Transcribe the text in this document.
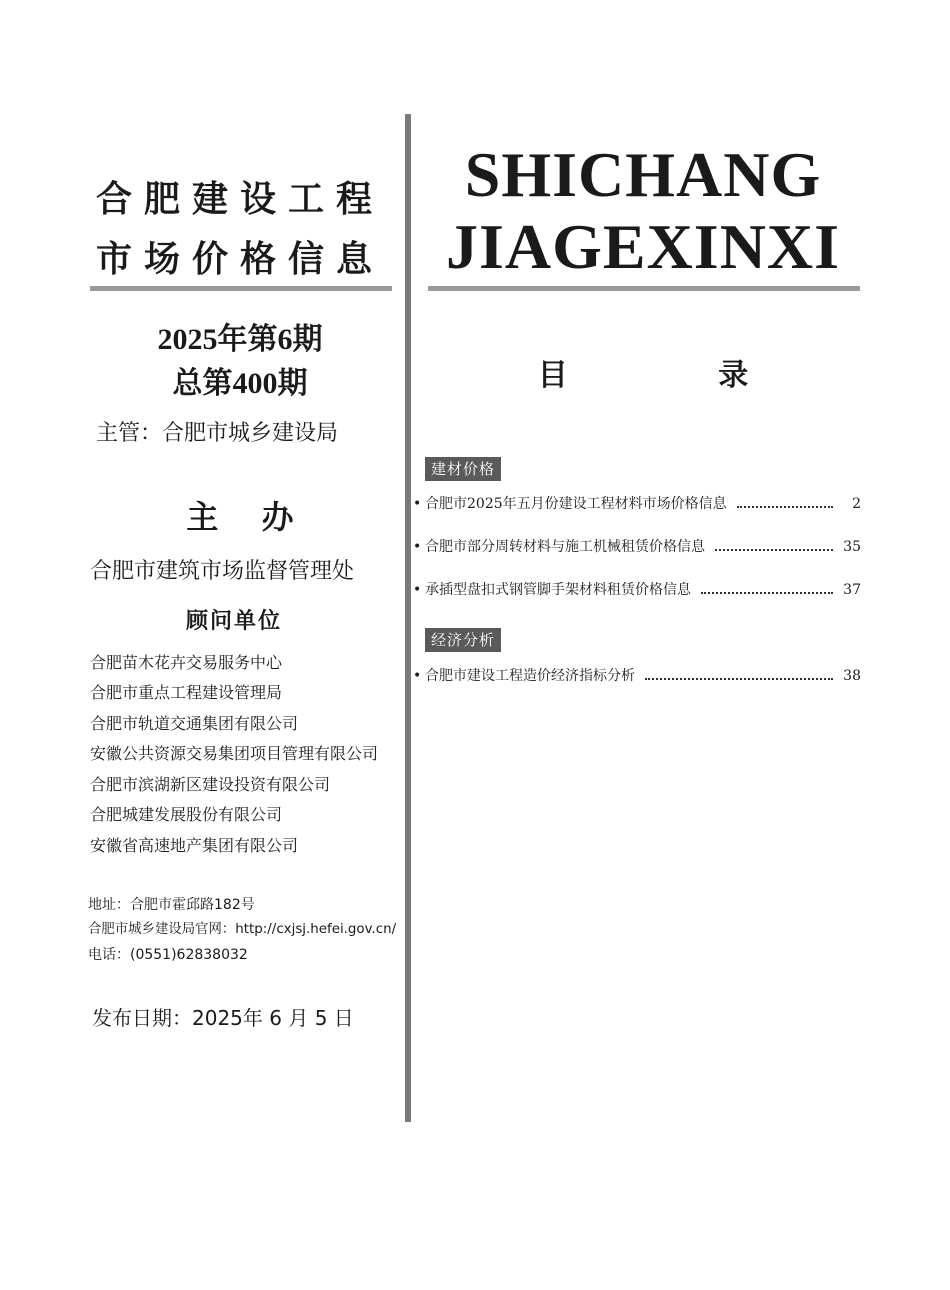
合肥建设工程
市场价格信息
2025年第6期
总第400期
主管：合肥市城乡建设局
主 办
合肥市建筑市场监督管理处
顾问单位
合肥苗木花卉交易服务中心
合肥市重点工程建设管理局
合肥市轨道交通集团有限公司
安徽公共资源交易集团项目管理有限公司
合肥市滨湖新区建设投资有限公司
合肥城建发展股份有限公司
安徽省高速地产集团有限公司
地址：合肥市霍邱路182号
合肥市城乡建设局官网：http://cxjsj.hefei.gov.cn/
电话：(0551)62838032
发布日期：2025年 6 月 5 日
SHICHANG
JIAGEXINXI
目 录
建材价格
• 合肥市2025年五月份建设工程材料市场价格信息	2
• 合肥市部分周转材料与施工机械租赁价格信息	35
• 承插型盘扣式钢管脚手架材料租赁价格信息	37
经济分析
• 合肥市建设工程造价经济指标分析	38
